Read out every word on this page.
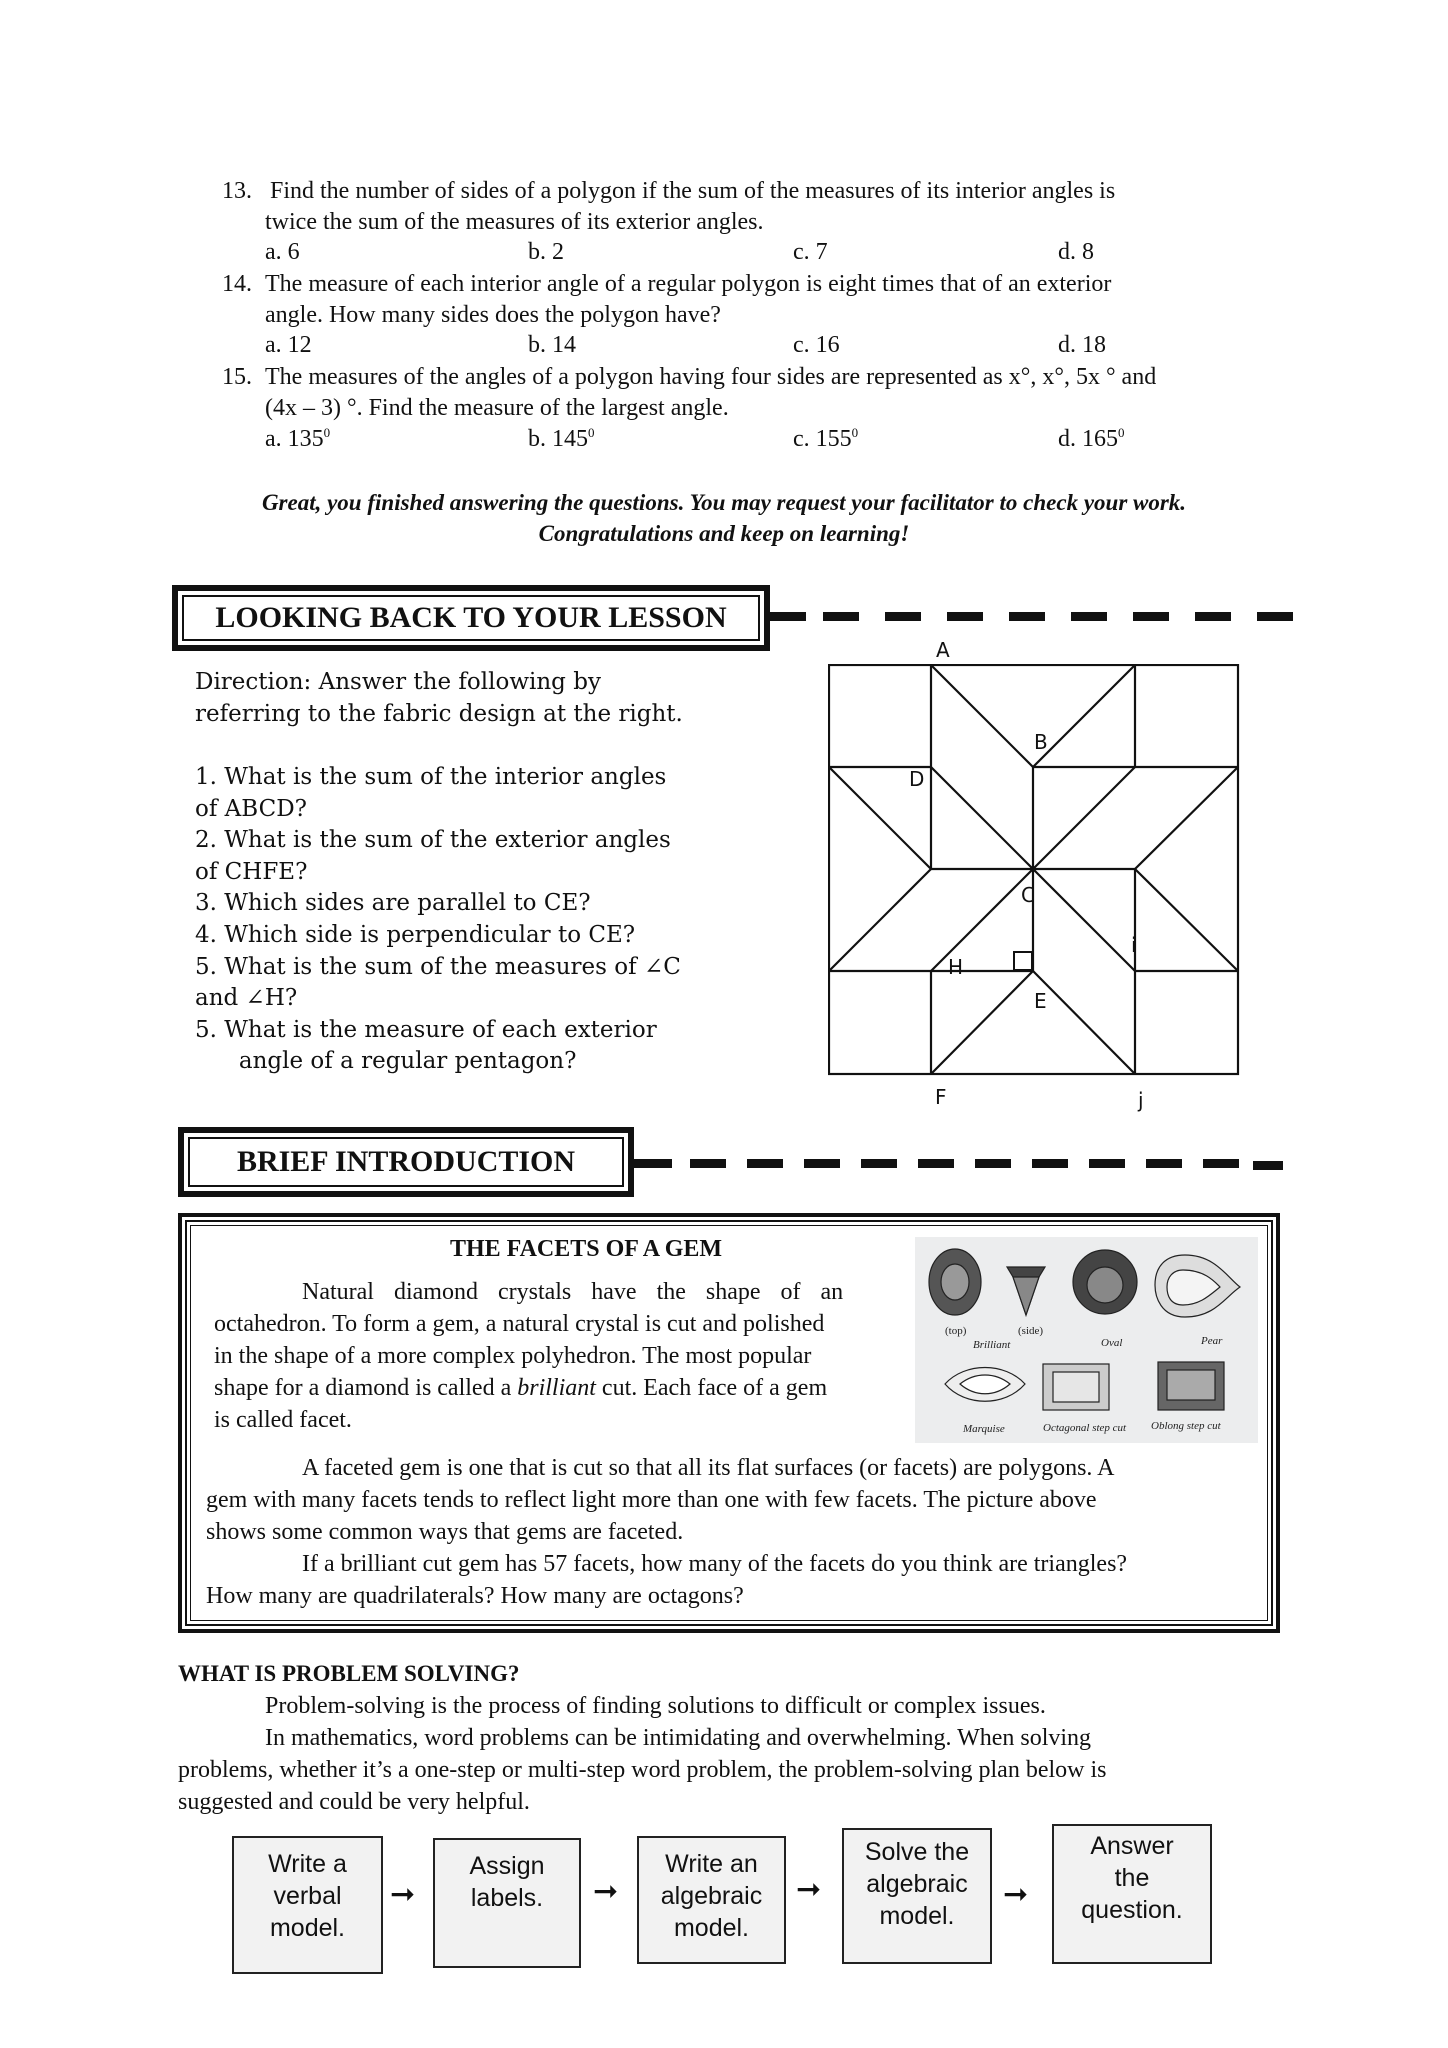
13. Find the number of sides of a polygon if the sum of the measures of its interior angles is
twice the sum of the measures of its exterior angles.
a. 6	b. 2	c. 7	d. 8
14. The measure of each interior angle of a regular polygon is eight times that of an exterior
angle. How many sides does the polygon have?
a. 12	b. 14	c. 16	d. 18
15. The measures of the angles of a polygon having four sides are represented as x°, x°, 5x ° and
(4x – 3) °. Find the measure of the largest angle.
a. $135^0$	b. $145^0$	c. $155^0$	d. $165^0$
Great, you finished answering the questions. You may request your facilitator to check your work.
Congratulations and keep on learning!
LOOKING BACK TO YOUR LESSON
Direction: Answer the following by
referring to the fabric design at the right.
1. What is the sum of the interior angles
of ABCD?
2. What is the sum of the exterior angles
of CHFE?
3. Which sides are parallel to CE?
4. Which side is perpendicular to CE?
5. What is the sum of the measures of ∠C
and ∠H?
5. What is the measure of each exterior
angle of a regular pentagon?
A
B
D
C
i
H
E
F	j
BRIEF INTRODUCTION
THE FACETS OF A GEM
Natural diamond crystals have the shape of an
octahedron. To form a gem, a natural crystal is cut and polished
in the shape of a more complex polyhedron. The most popular
shape for a diamond is called a brilliant cut. Each face of a gem
is called facet.
(top)	(side)
Brilliant	Oval	Pear
Marquise	Octagonal step cut Oblong step cut
A faceted gem is one that is cut so that all its flat surfaces (or facets) are polygons. A
gem with many facets tends to reflect light more than one with few facets. The picture above
shows some common ways that gems are faceted.
If a brilliant cut gem has 57 facets, how many of the facets do you think are triangles?
How many are quadrilaterals? How many are octagons?
WHAT IS PROBLEM SOLVING?
Problem-solving is the process of finding solutions to difficult or complex issues.
In mathematics, word problems can be intimidating and overwhelming. When solving
problems, whether it’s a one-step or multi-step word problem, the problem-solving plan below is
suggested and could be very helpful.
Write a
verbal
model.
➞
Assign
labels.	➞
Write an
algebraic
model.
➞
Solve the
algebraic
model.
➞
Answer
the
question.
